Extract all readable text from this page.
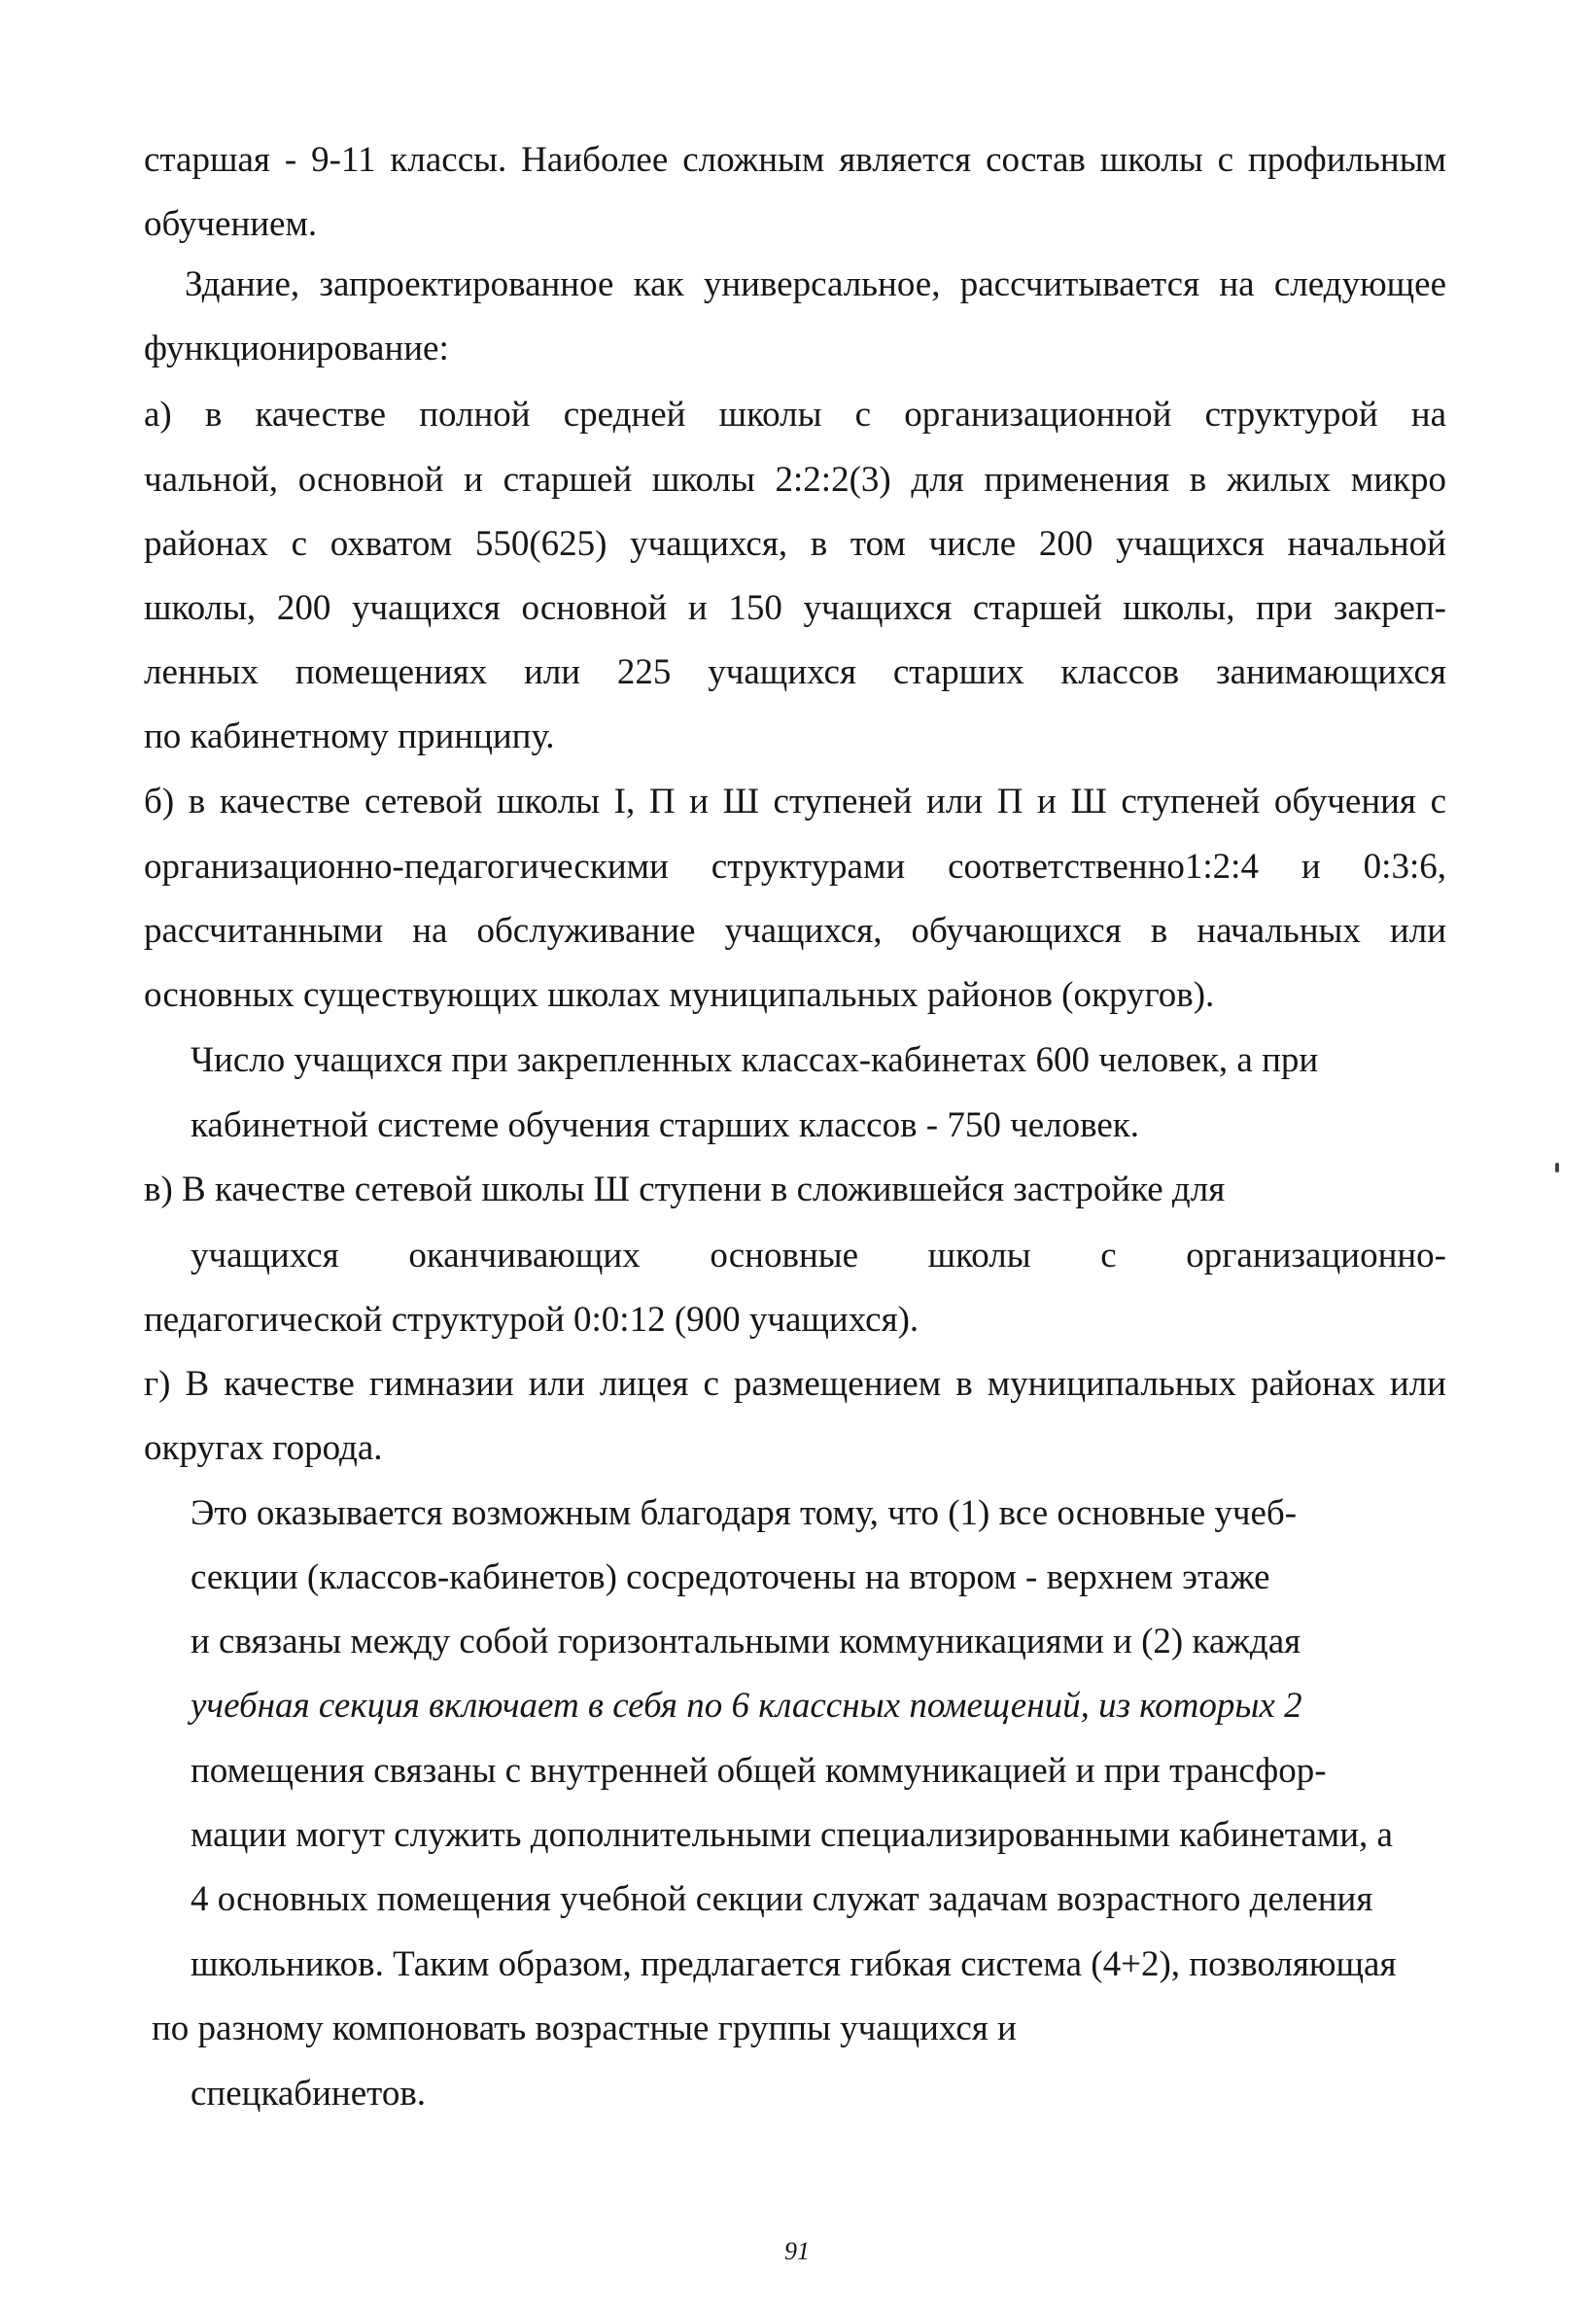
старшая - 9-11 классы. Наиболее сложным является состав школы с профильным
обучением.
Здание, запроектированное как универсальное, рассчитывается на следующее
функционирование:
а) в качестве полной средней школы с организационной структурой на
чальной, основной и старшей школы 2:2:2(3) для применения в жилых микро
районах с охватом 550(625) учащихся, в том числе 200 учащихся начальной
школы, 200 учащихся основной и 150 учащихся старшей школы, при закреп-
ленных помещениях или 225 учащихся старших классов занимающихся
по кабинетному принципу.
б) в качестве сетевой школы I, П и Ш ступеней или П и Ш ступеней обучения с
организационно-педагогическими структурами соответственно1:2:4 и 0:3:6,
рассчитанными на обслуживание учащихся, обучающихся в начальных или
основных существующих школах муниципальных районов (округов).
Число учащихся при закрепленных классах-кабинетах 600 человек, а при
кабинетной системе обучения старших классов - 750 человек.
в) В качестве сетевой школы Ш ступени в сложившейся застройке для
учащихся оканчивающих основные школы с организационно-
педагогической структурой 0:0:12 (900 учащихся).
г) В качестве гимназии или лицея с размещением в муниципальных районах или
округах города.
Это оказывается возможным благодаря тому, что (1) все основные учеб-
секции (классов-кабинетов) сосредоточены на втором - верхнем этаже
и связаны между собой горизонтальными коммуникациями и (2) каждая
учебная секция включает в себя по 6 классных помещений, из которых 2
помещения связаны с внутренней общей коммуникацией и при трансфор-
мации могут служить дополнительными специализированными кабинетами, а
4 основных помещения учебной секции служат задачам возрастного деления
школьников. Таким образом, предлагается гибкая система (4+2), позволяющая
по разному компоновать возрастные группы учащихся и
спецкабинетов.
91
